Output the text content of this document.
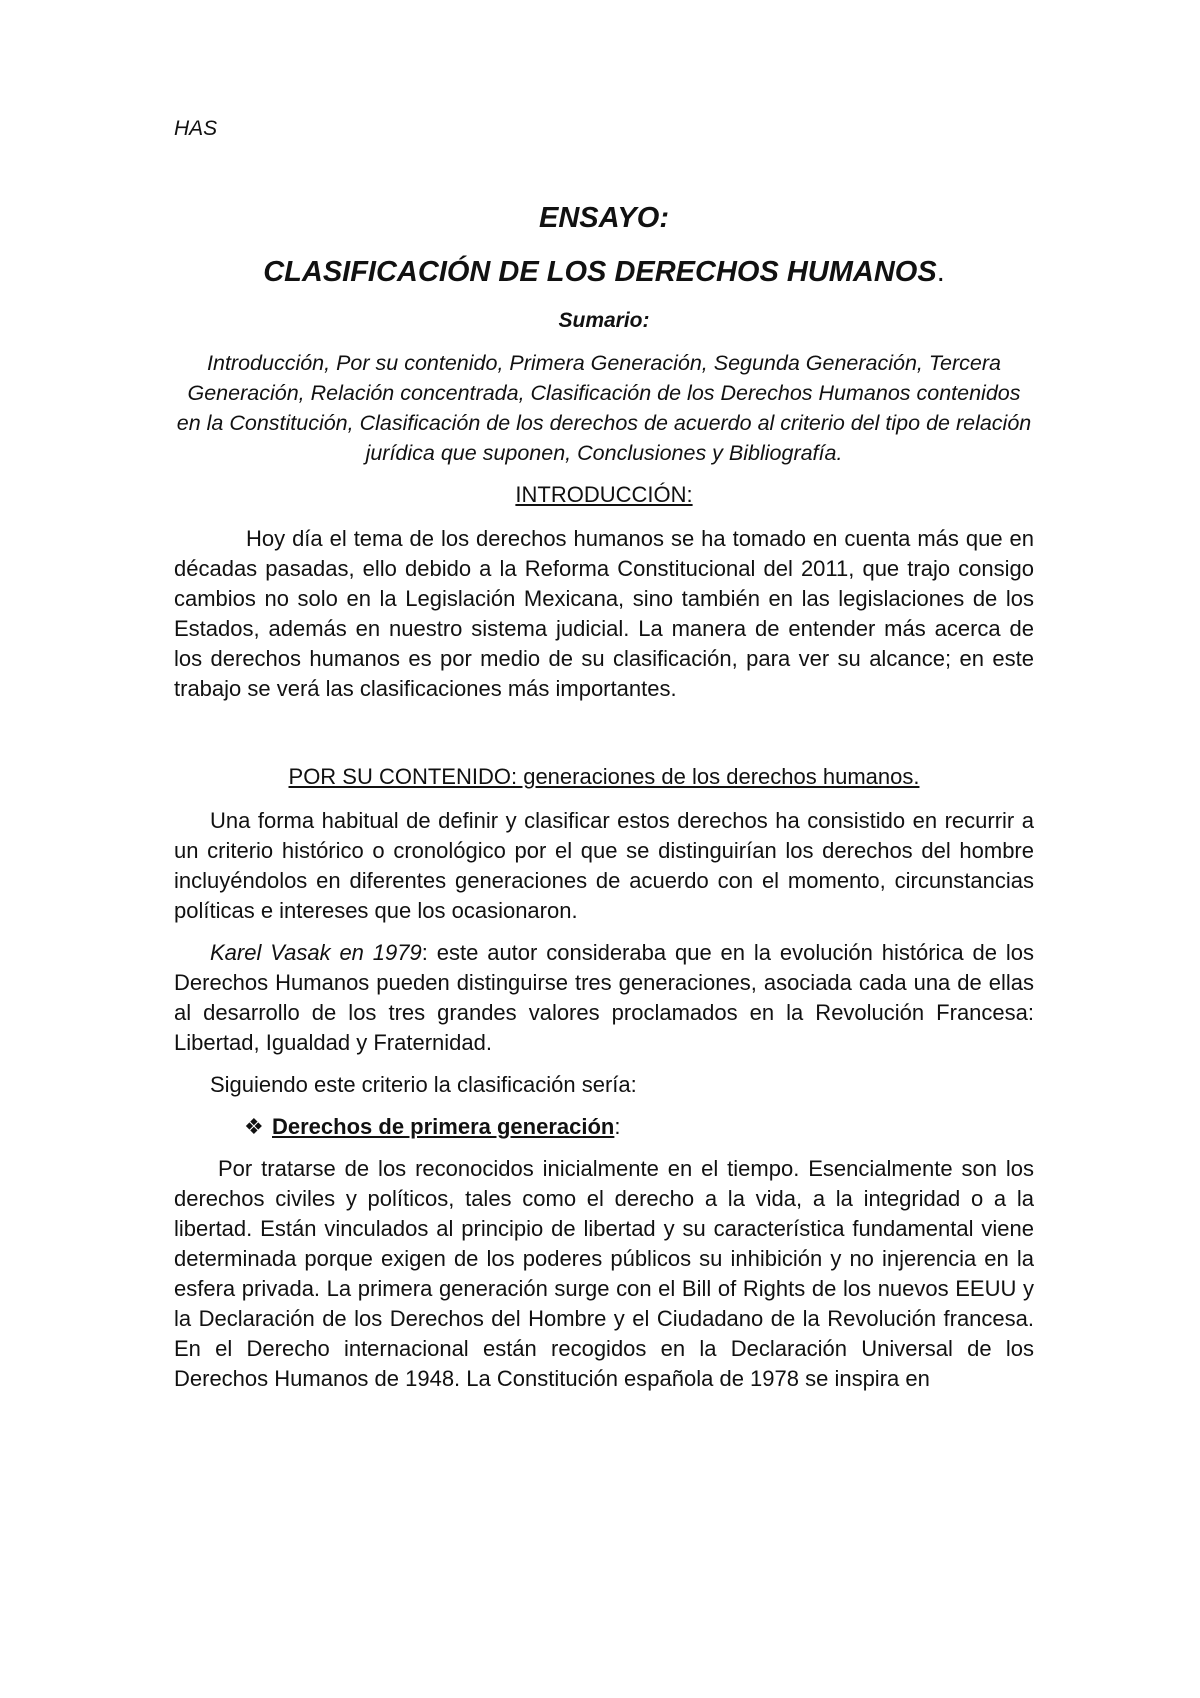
HAS

ENSAYO:
CLASIFICACIÓN DE LOS DERECHOS HUMANOS.

Sumario:

Introducción, Por su contenido, Primera Generación, Segunda Generación, Tercera Generación, Relación concentrada, Clasificación de los Derechos Humanos contenidos en la Constitución, Clasificación de los derechos de acuerdo al criterio del tipo de relación jurídica que suponen, Conclusiones y Bibliografía.

INTRODUCCIÓN:

Hoy día el tema de los derechos humanos se ha tomado en cuenta más que en décadas pasadas, ello debido a la Reforma Constitucional del 2011, que trajo consigo cambios no solo en la Legislación Mexicana, sino también en las legislaciones de los Estados, además en nuestro sistema judicial. La manera de entender más acerca de los derechos humanos es por medio de su clasificación, para ver su alcance; en este trabajo se verá las clasificaciones más importantes.

POR SU CONTENIDO: generaciones de los derechos humanos.

Una forma habitual de definir y clasificar estos derechos ha consistido en recurrir a un criterio histórico o cronológico por el que se distinguirían los derechos del hombre incluyéndolos en diferentes generaciones de acuerdo con el momento, circunstancias políticas e intereses que los ocasionaron.

Karel Vasak en 1979: este autor consideraba que en la evolución histórica de los Derechos Humanos pueden distinguirse tres generaciones, asociada cada una de ellas al desarrollo de los tres grandes valores proclamados en la Revolución Francesa: Libertad, Igualdad y Fraternidad.

Siguiendo este criterio la clasificación sería:

❖ Derechos de primera generación:

Por tratarse de los reconocidos inicialmente en el tiempo. Esencialmente son los derechos civiles y políticos, tales como el derecho a la vida, a la integridad o a la libertad. Están vinculados al principio de libertad y su característica fundamental viene determinada porque exigen de los poderes públicos su inhibición y no injerencia en la esfera privada. La primera generación surge con el Bill of Rights de los nuevos EEUU y la Declaración de los Derechos del Hombre y el Ciudadano de la Revolución francesa. En el Derecho internacional están recogidos en la Declaración Universal de los Derechos Humanos de 1948. La Constitución española de 1978 se inspira en
